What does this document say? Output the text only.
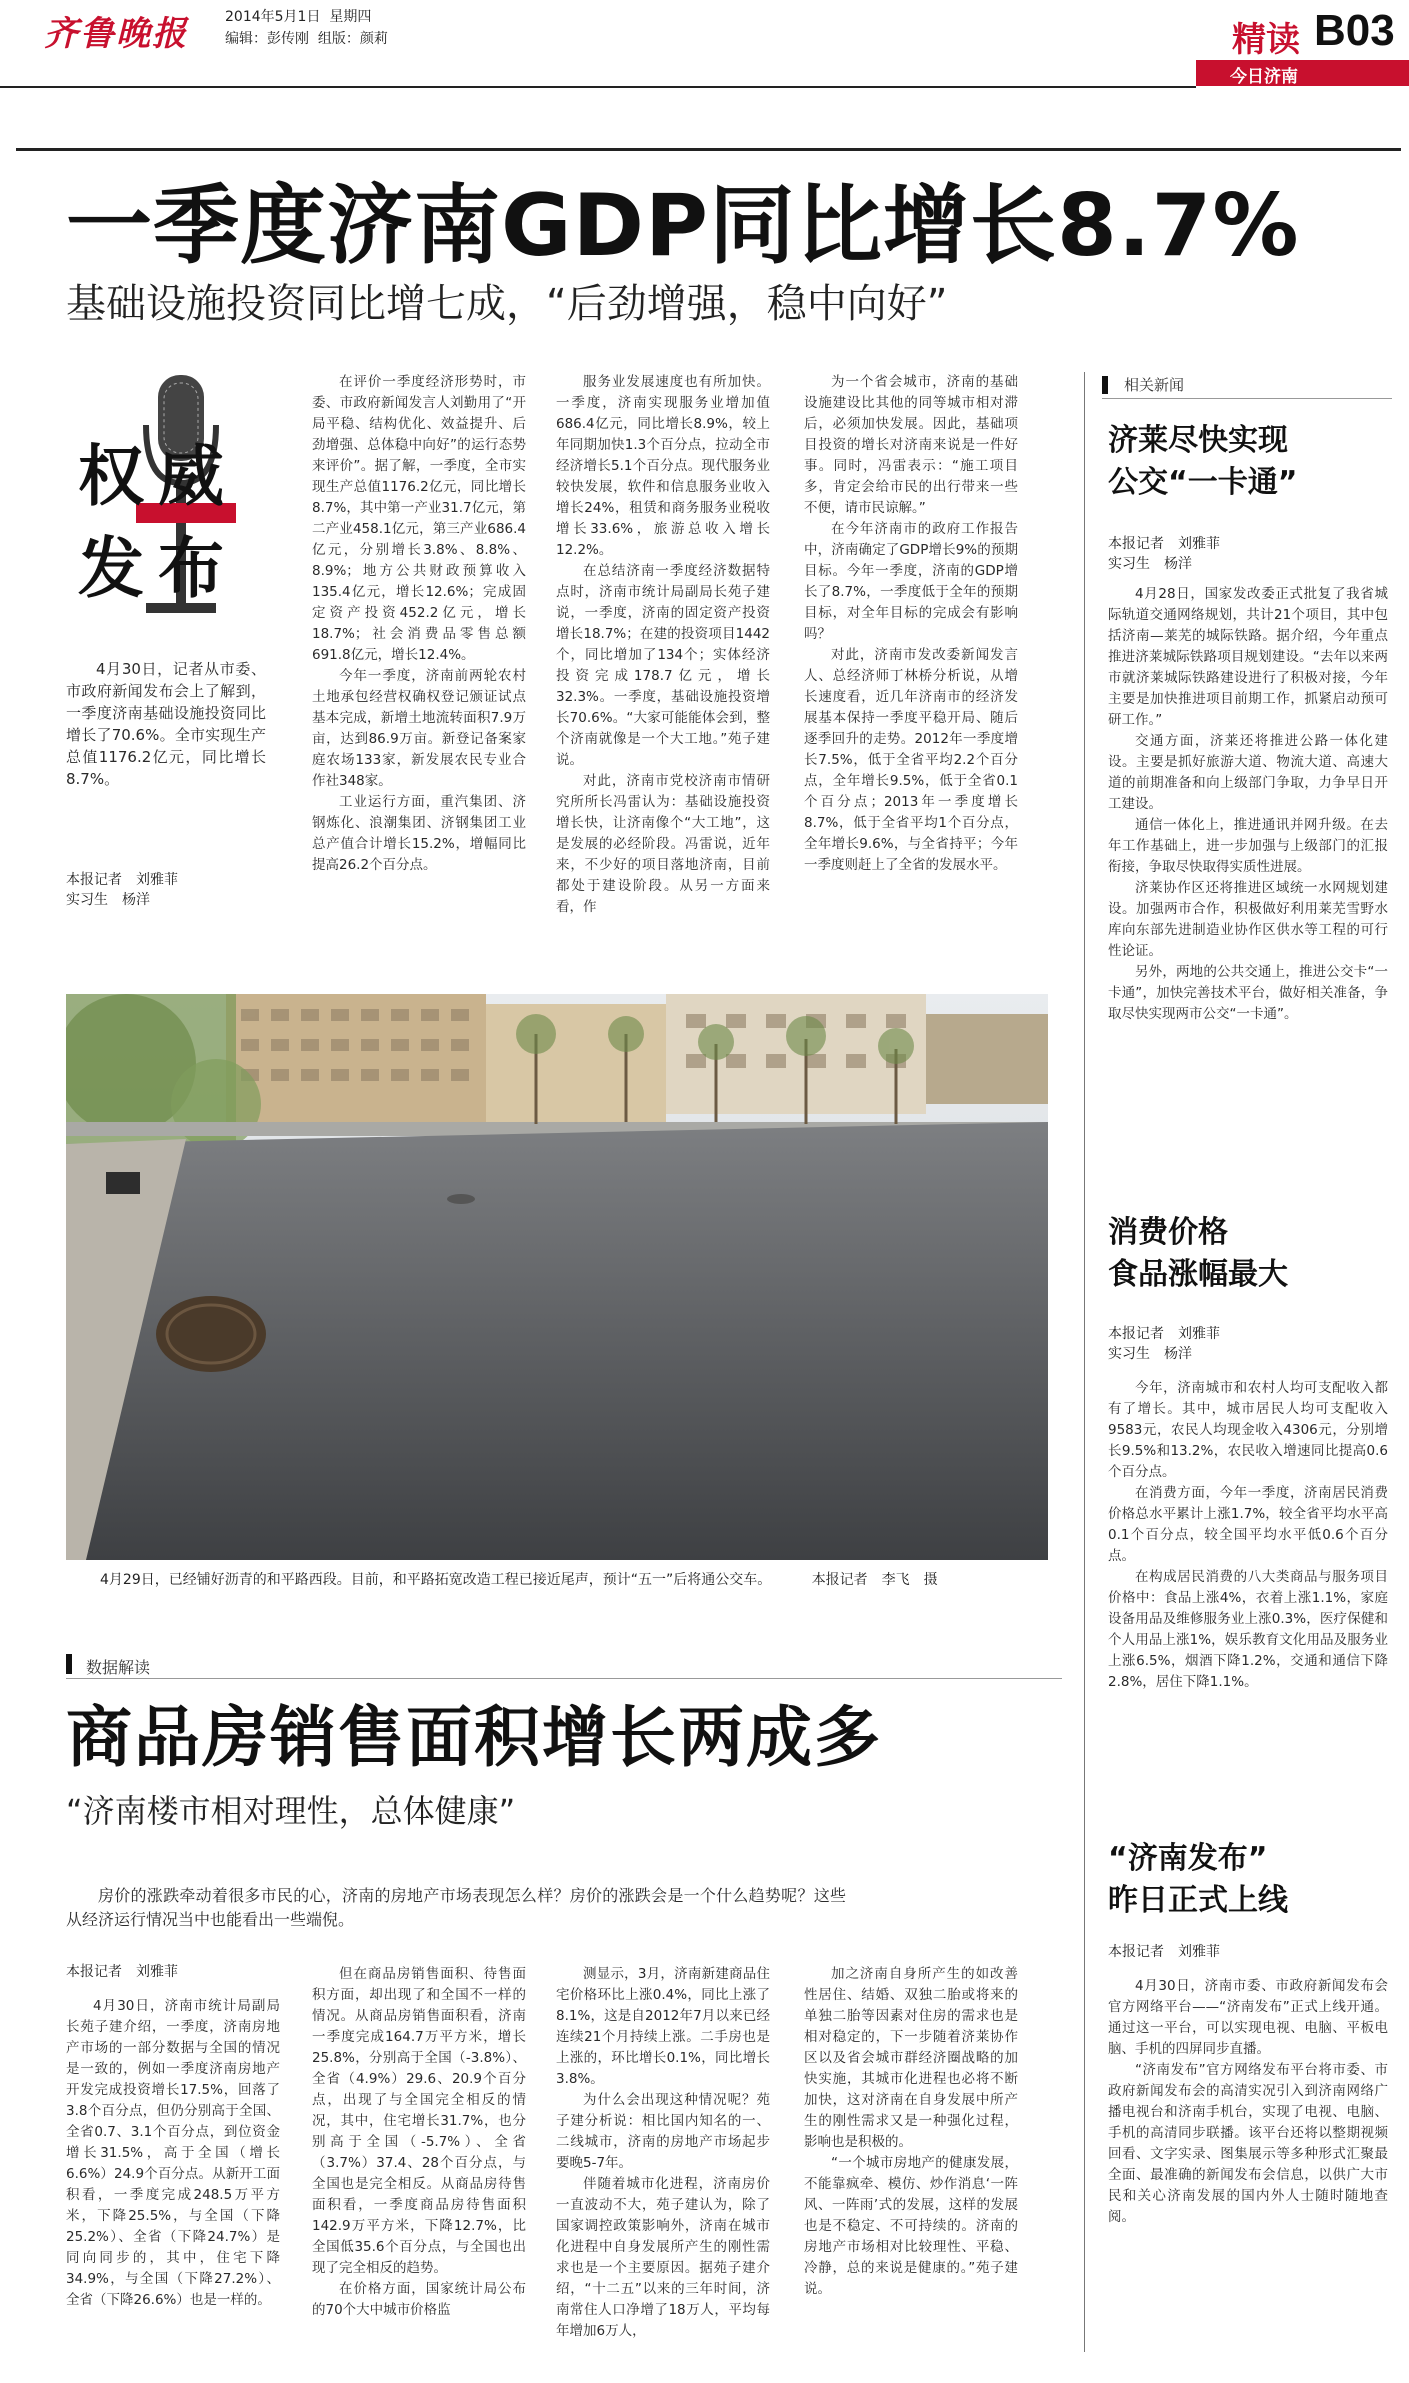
齐鲁晚报	2014年5月1日 星期四
编辑：彭传刚 组版：颜莉	精读 B03
今日济南
一季度济南GDP同比增长8.7%
基础设施投资同比增七成，“后劲增强，稳中向好”
权威
发布

4月30日，记者从市委、市政府新闻发布会上了解到，一季度济南基础设施投资同比增长了70.6%。全市实现生产总值1176.2亿元，同比增长8.7%。

本报记者　刘雅菲
实习生　杨洋

在评价一季度经济形势时，市委、市政府新闻发言人刘勤用了“开局平稳、结构优化、效益提升、后劲增强、总体稳中向好”的运行态势来评价”。据了解，一季度，全市实现生产总值1176.2亿元，同比增长8.7%，其中第一产业31.7亿元，第二产业458.1亿元，第三产业686.4亿元，分别增长3.8%、8.8%、8.9%；地方公共财政预算收入135.4亿元，增长12.6%；完成固定资产投资452.2亿元，增长18.7%；社会消费品零售总额691.8亿元，增长12.4%。

今年一季度，济南前两轮农村土地承包经营权确权登记颁证试点基本完成，新增土地流转面积7.9万亩，达到86.9万亩。新登记备案家庭农场133家，新发展农民专业合作社348家。

工业运行方面，重汽集团、济钢炼化、浪潮集团、济钢集团工业总产值合计增长15.2%，增幅同比提高26.2个百分点。

服务业发展速度也有所加快。一季度，济南实现服务业增加值686.4亿元，同比增长8.9%，较上年同期加快1.3个百分点，拉动全市经济增长5.1个百分点。现代服务业较快发展，软件和信息服务业收入增长24%，租赁和商务服务业税收增长33.6%，旅游总收入增长12.2%。

在总结济南一季度经济数据特点时，济南市统计局副局长苑子建说，一季度，济南的固定资产投资增长18.7%；在建的投资项目1442个，同比增加了134个；实体经济投资完成178.7亿元，增长32.3%。一季度，基础设施投资增长70.6%。“大家可能能体会到，整个济南就像是一个大工地。”苑子建说。

对此，济南市党校济南市情研究所所长冯雷认为：基础设施投资增长快，让济南像个“大工地”，这是发展的必经阶段。冯雷说，近年来，不少好的项目落地济南，目前都处于建设阶段。从另一方面来看，作

为一个省会城市，济南的基础设施建设比其他的同等城市相对滞后，必须加快发展。因此，基础项目投资的增长对济南来说是一件好事。同时，冯雷表示：“施工项目多，肯定会给市民的出行带来一些不便，请市民谅解。”

在今年济南市的政府工作报告中，济南确定了GDP增长9%的预期目标。今年一季度，济南的GDP增长了8.7%，一季度低于全年的预期目标，对全年目标的完成会有影响吗？

对此，济南市发改委新闻发言人、总经济师丁林桥分析说，从增长速度看，近几年济南市的经济发展基本保持一季度平稳开局、随后逐季回升的走势。2012年一季度增长7.5%，低于全省平均2.2个百分点，全年增长9.5%，低于全省0.1个百分点；2013年一季度增长8.7%，低于全省平均1个百分点，全年增长9.6%，与全省持平；今年一季度则赶上了全省的发展水平。

4月29日，已经铺好沥青的和平路西段。目前，和平路拓宽改造工程已接近尾声，预计“五一”后将通公交车。	本报记者　李飞　摄
相关新闻
济莱尽快实现
公交“一卡通”
本报记者　刘雅菲
实习生　杨洋

4月28日，国家发改委正式批复了我省城际轨道交通网络规划，共计21个项目，其中包括济南—莱芜的城际铁路。据介绍，今年重点推进济莱城际铁路项目规划建设。“去年以来两市就济莱城际铁路建设进行了积极对接，今年主要是加快推进项目前期工作，抓紧启动预可研工作。”

交通方面，济莱还将推进公路一体化建设。主要是抓好旅游大道、物流大道、高速大道的前期准备和向上级部门争取，力争早日开工建设。

通信一体化上，推进通讯并网升级。在去年工作基础上，进一步加强与上级部门的汇报衔接，争取尽快取得实质性进展。

济莱协作区还将推进区域统一水网规划建设。加强两市合作，积极做好利用莱芜雪野水库向东部先进制造业协作区供水等工程的可行性论证。

另外，两地的公共交通上，推进公交卡“一卡通”，加快完善技术平台，做好相关准备，争取尽快实现两市公交“一卡通”。

消费价格
食品涨幅最大
本报记者　刘雅菲
实习生　杨洋

今年，济南城市和农村人均可支配收入都有了增长。其中，城市居民人均可支配收入9583元，农民人均现金收入4306元，分别增长9.5%和13.2%，农民收入增速同比提高0.6个百分点。

在消费方面，今年一季度，济南居民消费价格总水平累计上涨1.7%，较全省平均水平高0.1个百分点，较全国平均水平低0.6个百分点。

在构成居民消费的八大类商品与服务项目价格中：食品上涨4%，衣着上涨1.1%，家庭设备用品及维修服务业上涨0.3%，医疗保健和个人用品上涨1%，娱乐教育文化用品及服务业上涨6.5%，烟酒下降1.2%，交通和通信下降2.8%，居住下降1.1%。

“济南发布”
昨日正式上线
本报记者　刘雅菲

4月30日，济南市委、市政府新闻发布会官方网络平台——“济南发布”正式上线开通。通过这一平台，可以实现电视、电脑、平板电脑、手机的四屏同步直播。

“济南发布”官方网络发布平台将市委、市政府新闻发布会的高清实况引入到济南网络广播电视台和济南手机台，实现了电视、电脑、手机的高清同步联播。该平台还将以整期视频回看、文字实录、图集展示等多种形式汇聚最全面、最准确的新闻发布会信息，以供广大市民和关心济南发展的国内外人士随时随地查阅。

数据解读
商品房销售面积增长两成多
“济南楼市相对理性，总体健康”

房价的涨跌牵动着很多市民的心，济南的房地产市场表现怎么样？房价的涨跌会是一个什么趋势呢？这些从经济运行情况当中也能看出一些端倪。

本报记者　刘雅菲

4月30日，济南市统计局副局长苑子建介绍，一季度，济南房地产市场的一部分数据与全国的情况是一致的，例如一季度济南房地产开发完成投资增长17.5%，回落了3.8个百分点，但仍分别高于全国、全省0.7、3.1个百分点，到位资金增长31.5%，高于全国（增长6.6%）24.9个百分点。从新开工面积看，一季度完成248.5万平方米，下降25.5%，与全国（下降25.2%）、全省（下降24.7%）是同向同步的，其中，住宅下降34.9%，与全国（下降27.2%）、全省（下降26.6%）也是一样的。

但在商品房销售面积、待售面积方面，却出现了和全国不一样的情况。从商品房销售面积看，济南一季度完成164.7万平方米，增长25.8%，分别高于全国（-3.8%）、全省（4.9%）29.6、20.9个百分点，出现了与全国完全相反的情况，其中，住宅增长31.7%，也分别高于全国（-5.7%）、全省（3.7%）37.4、28个百分点，与全国也是完全相反。从商品房待售面积看，一季度商品房待售面积142.9万平方米，下降12.7%，比全国低35.6个百分点，与全国也出现了完全相反的趋势。

在价格方面，国家统计局公布的70个大中城市价格监

测显示，3月，济南新建商品住宅价格环比上涨0.4%，同比上涨了8.1%，这是自2012年7月以来已经连续21个月持续上涨。二手房也是上涨的，环比增长0.1%，同比增长3.8%。

为什么会出现这种情况呢？苑子建分析说：相比国内知名的一、二线城市，济南的房地产市场起步要晚5-7年。

伴随着城市化进程，济南房价一直波动不大，苑子建认为，除了国家调控政策影响外，济南在城市化进程中自身发展所产生的刚性需求也是一个主要原因。据苑子建介绍，“十二五”以来的三年时间，济南常住人口净增了18万人，平均每年增加6万人，

加之济南自身所产生的如改善性居住、结婚、双独二胎或将来的单独二胎等因素对住房的需求也是相对稳定的，下一步随着济莱协作区以及省会城市群经济圈战略的加快实施，其城市化进程也必将不断加快，这对济南在自身发展中所产生的刚性需求又是一种强化过程，影响也是积极的。

“一个城市房地产的健康发展，不能靠疯牵、模仿、炒作消息‘一阵风、一阵雨’式的发展，这样的发展也是不稳定、不可持续的。济南的房地产市场相对比较理性、平稳、冷静，总的来说是健康的。”苑子建说。
